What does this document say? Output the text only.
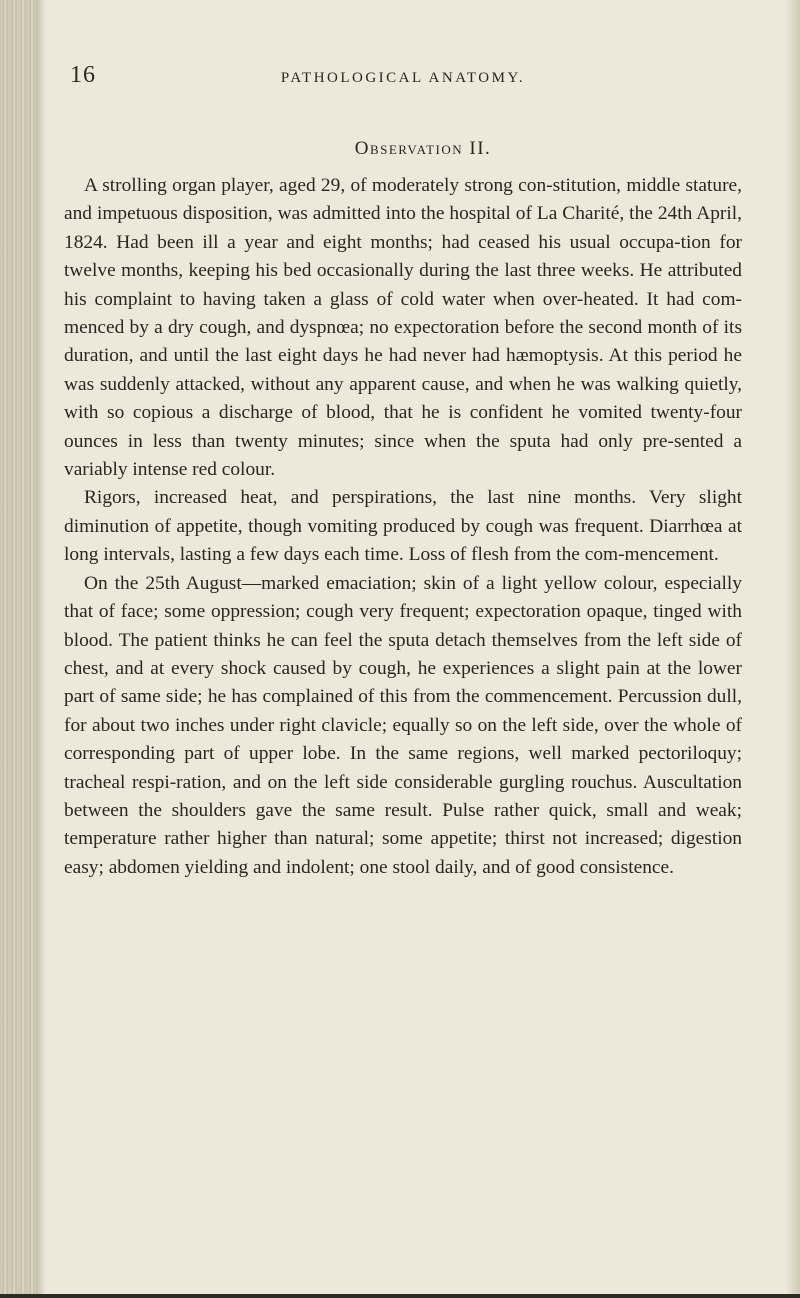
16	PATHOLOGICAL ANATOMY.
Observation II.

A strolling organ player, aged 29, of moderately strong con-stitution, middle stature, and impetuous disposition, was admitted into the hospital of La Charité, the 24th April, 1824. Had been ill a year and eight months; had ceased his usual occupa-tion for twelve months, keeping his bed occasionally during the last three weeks. He attributed his complaint to having taken a glass of cold water when over-heated. It had com-menced by a dry cough, and dyspnœa; no expectoration before the second month of its duration, and until the last eight days he had never had hæmoptysis. At this period he was suddenly attacked, without any apparent cause, and when he was walking quietly, with so copious a discharge of blood, that he is confident he vomited twenty-four ounces in less than twenty minutes; since when the sputa had only pre-sented a variably intense red colour.

Rigors, increased heat, and perspirations, the last nine months. Very slight diminution of appetite, though vomiting produced by cough was frequent. Diarrhœa at long intervals, lasting a few days each time. Loss of flesh from the com-mencement.

On the 25th August—marked emaciation; skin of a light yellow colour, especially that of face; some oppression; cough very frequent; expectoration opaque, tinged with blood. The patient thinks he can feel the sputa detach themselves from the left side of chest, and at every shock caused by cough, he experiences a slight pain at the lower part of same side; he has complained of this from the commencement. Percussion dull, for about two inches under right clavicle; equally so on the left side, over the whole of corresponding part of upper lobe. In the same regions, well marked pectoriloquy; tracheal respi-ration, and on the left side considerable gurgling rouchus. Auscultation between the shoulders gave the same result. Pulse rather quick, small and weak; temperature rather higher than natural; some appetite; thirst not increased; digestion easy; abdomen yielding and indolent; one stool daily, and of good consistence.
